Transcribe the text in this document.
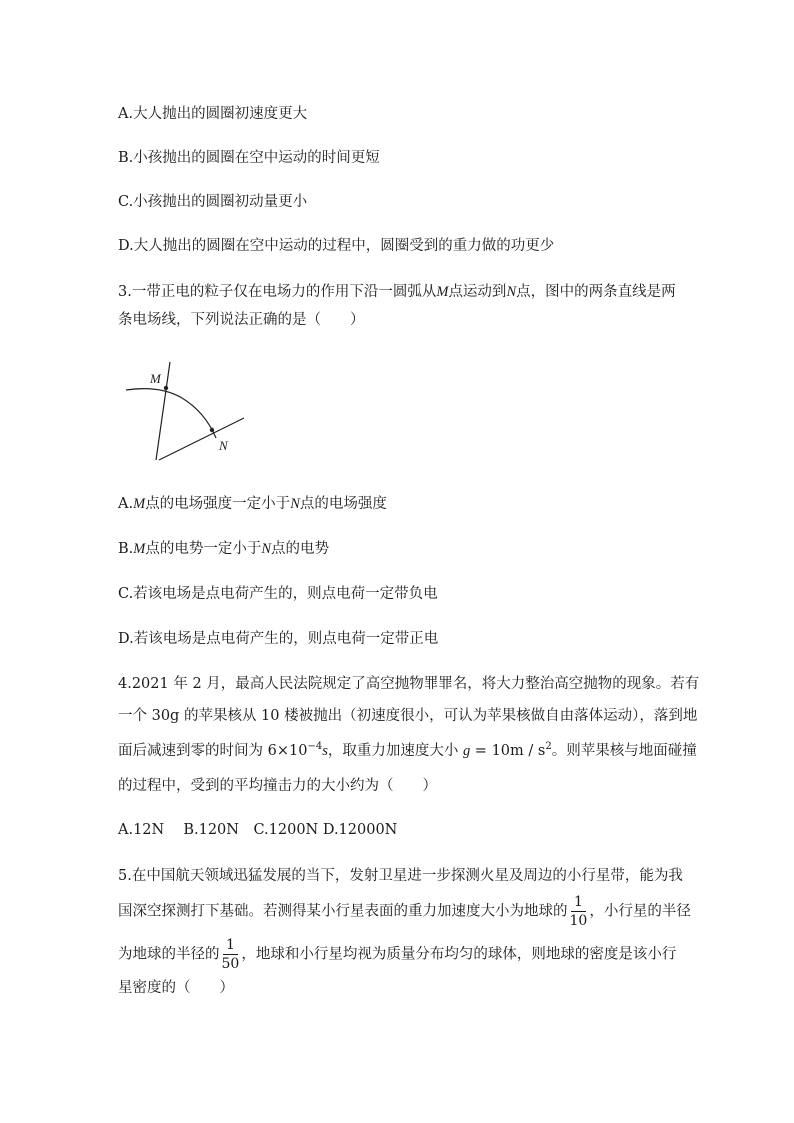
A.大人抛出的圆圈初速度更大
B.小孩抛出的圆圈在空中运动的时间更短
C.小孩抛出的圆圈初动量更小
D.大人抛出的圆圈在空中运动的过程中，圆圈受到的重力做的功更少
3.一带正电的粒子仅在电场力的作用下沿一圆弧从M点运动到N点，图中的两条直线是两
条电场线，下列说法正确的是（　　）
M
N
A.M点的电场强度一定小于N点的电场强度
B.M点的电势一定小于N点的电势
C.若该电场是点电荷产生的，则点电荷一定带负电
D.若该电场是点电荷产生的，则点电荷一定带正电
4.2021 年 2 月，最高人民法院规定了高空抛物罪罪名，将大力整治高空抛物的现象。若有
一个 30g 的苹果核从 10 楼被抛出（初速度很小，可认为苹果核做自由落体运动），落到地
面后减速到零的时间为 $6\times 10^{-4}s$，取重力加速度大小 $g = 10m / s^2$。则苹果核与地面碰撞
的过程中，受到的平均撞击力的大小约为（　　）
A.12N　 B.120N　C.1200N D.12000N
5.在中国航天领域迅猛发展的当下，发射卫星进一步探测火星及周边的小行星带，能为我
国深空探测打下基础。若测得某小行星表面的重力加速度大小为地球的 $\frac{1}{10}$ ，小行星的半径
为地球的半径的 $\frac{1}{50}$ ，地球和小行星均视为质量分布均匀的球体，则地球的密度是该小行
星密度的（　　）
